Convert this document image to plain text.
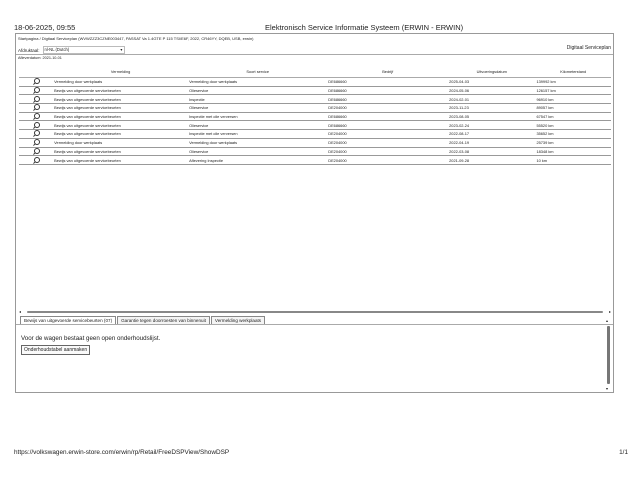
18-06-2025, 09:55	Elektronisch Service Informatie Systeem (ERWIN - ERWIN)
Startpagina / Digitaal Serviceplan (WVWZZZ3CZNE003447, PASSAT Va 1.4GTE P 115 TSI/E6F, 2022, CR46YY, DQEB, USB, erwin)
Afdruktaal: nl-NL (Dutch)	▾	Digitaal Serviceplan
Afleverdatum: 2021-10-01
	Vermelding	Soort service	Bedrijf	Uitvoeringsdatum	Kilometerstand
	Vermelding door werkplaats	Vermelding door werkplaats	DE686660	2025-04-03	139992 km
	Bewijs van uitgevoerde servicebeurten	Olieservice	DE686660	2024-05-06	126157 km
	Bewijs van uitgevoerde servicebeurten	Inspectie	DE686660	2024-02-01	96910 km
	Bewijs van uitgevoerde servicebeurten	Olieservice	DE204000	2023-11-23	89057 km
	Bewijs van uitgevoerde servicebeurten	Inspectie met olie verversen	DE686660	2023-08-05	67547 km
	Bewijs van uitgevoerde servicebeurten	Olieservice	DE686660	2023-02-24	55520 km
	Bewijs van uitgevoerde servicebeurten	Inspectie met olie verversen	DE204000	2022-08-17	35652 km
	Vermelding door werkplaats	Vermelding door werkplaats	DE204000	2022-04-19	25739 km
	Bewijs van uitgevoerde servicebeurten	Olieservice	DE204000	2022-03-08	18348 km
	Bewijs van uitgevoerde servicebeurten	Aflevering Inspectie	DE204000	2021-09-28	10 km
◂	▸
Bewijs van uitgevoerde servicebeurten (07)	Garantie tegen doorroesten van binnenuit	Vermelding werkplaats
Voor de wagen bestaat geen open onderhoudslijst.
Onderhoudstabel aanmaken
▴
▾
https://volkswagen.erwin-store.com/erwin/rp/Retail/FreeDSPView/ShowDSP	1/1
